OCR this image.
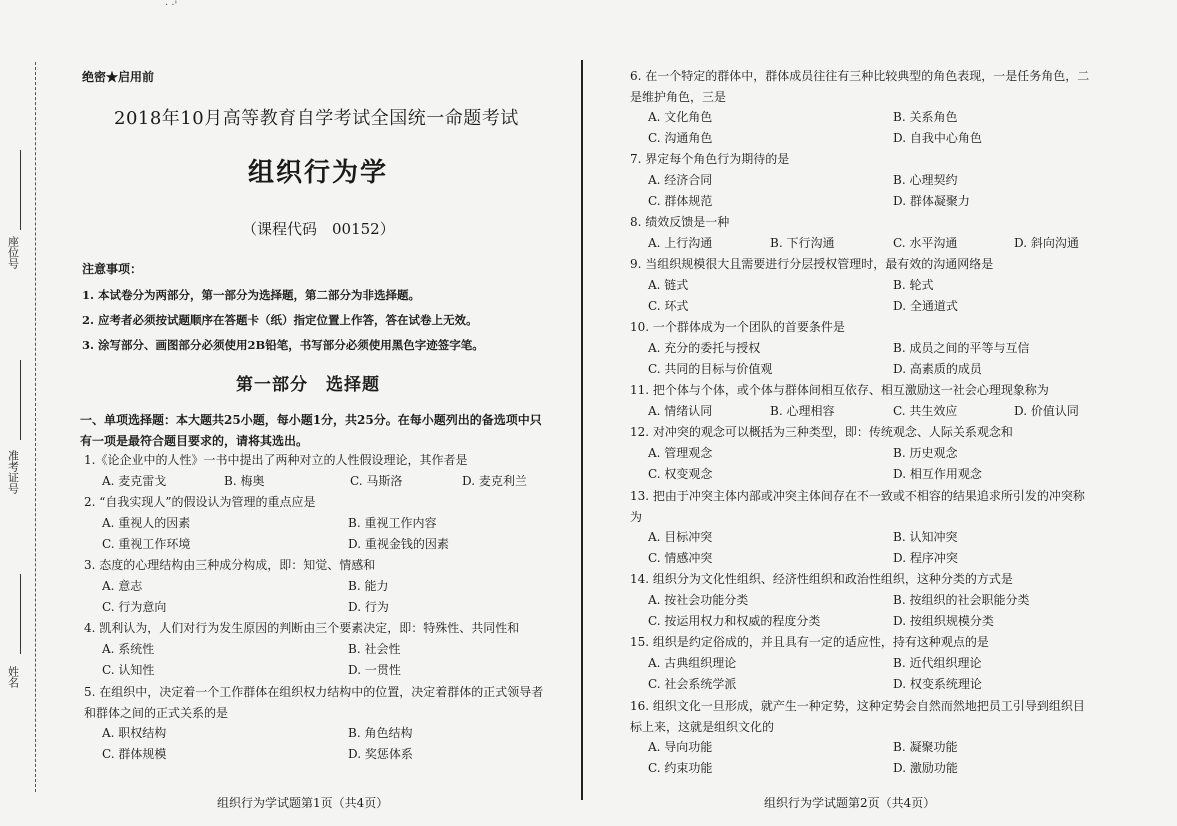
· ·'
座位号
准考证号
姓名
绝密★启用前
2018年10月高等教育自学考试全国统一命题考试
组织行为学
（课程代码　00152）
注意事项：
1. 本试卷分为两部分，第一部分为选择题，第二部分为非选择题。
2. 应考者必须按试题顺序在答题卡（纸）指定位置上作答，答在试卷上无效。
3. 涂写部分、画图部分必须使用2B铅笔，书写部分必须使用黑色字迹签字笔。
第一部分　选择题
一、单项选择题：本大题共25小题，每小题1分，共25分。在每小题列出的备选项中只有一项是最符合题目要求的，请将其选出。
1.《论企业中的人性》一书中提出了两种对立的人性假设理论，其作者是
A. 麦克雷戈	B. 梅奥	C. 马斯洛	D. 麦克利兰
2. “自我实现人”的假设认为管理的重点应是
A. 重视人的因素	B. 重视工作内容
C. 重视工作环境	D. 重视金钱的因素
3. 态度的心理结构由三种成分构成，即：知觉、情感和
A. 意志	B. 能力
C. 行为意向	D. 行为
4. 凯利认为，人们对行为发生原因的判断由三个要素决定，即：特殊性、共同性和
A. 系统性	B. 社会性
C. 认知性	D. 一贯性
5. 在组织中，决定着一个工作群体在组织权力结构中的位置，决定着群体的正式领导者和群体之间的正式关系的是
A. 职权结构	B. 角色结构
C. 群体规模	D. 奖惩体系
6. 在一个特定的群体中，群体成员往往有三种比较典型的角色表现，一是任务角色，二是维护角色，三是
A. 文化角色	B. 关系角色
C. 沟通角色	D. 自我中心角色
7. 界定每个角色行为期待的是
A. 经济合同	B. 心理契约
C. 群体规范	D. 群体凝聚力
8. 绩效反馈是一种
A. 上行沟通	B. 下行沟通	C. 水平沟通	D. 斜向沟通
9. 当组织规模很大且需要进行分层授权管理时，最有效的沟通网络是
A. 链式	B. 轮式
C. 环式	D. 全通道式
10. 一个群体成为一个团队的首要条件是
A. 充分的委托与授权	B. 成员之间的平等与互信
C. 共同的目标与价值观	D. 高素质的成员
11. 把个体与个体，或个体与群体间相互依存、相互激励这一社会心理现象称为
A. 情绪认同	B. 心理相容	C. 共生效应	D. 价值认同
12. 对冲突的观念可以概括为三种类型，即：传统观念、人际关系观念和
A. 管理观念	B. 历史观念
C. 权变观念	D. 相互作用观念
13. 把由于冲突主体内部或冲突主体间存在不一致或不相容的结果追求所引发的冲突称为
A. 目标冲突	B. 认知冲突
C. 情感冲突	D. 程序冲突
14. 组织分为文化性组织、经济性组织和政治性组织，这种分类的方式是
A. 按社会功能分类	B. 按组织的社会职能分类
C. 按运用权力和权威的程度分类	D. 按组织规模分类
15. 组织是约定俗成的，并且具有一定的适应性，持有这种观点的是
A. 古典组织理论	B. 近代组织理论
C. 社会系统学派	D. 权变系统理论
16. 组织文化一旦形成，就产生一种定势，这种定势会自然而然地把员工引导到组织目标上来，这就是组织文化的
A. 导向功能	B. 凝聚功能
C. 约束功能	D. 激励功能
组织行为学试题第1页（共4页）	组织行为学试题第2页（共4页）
